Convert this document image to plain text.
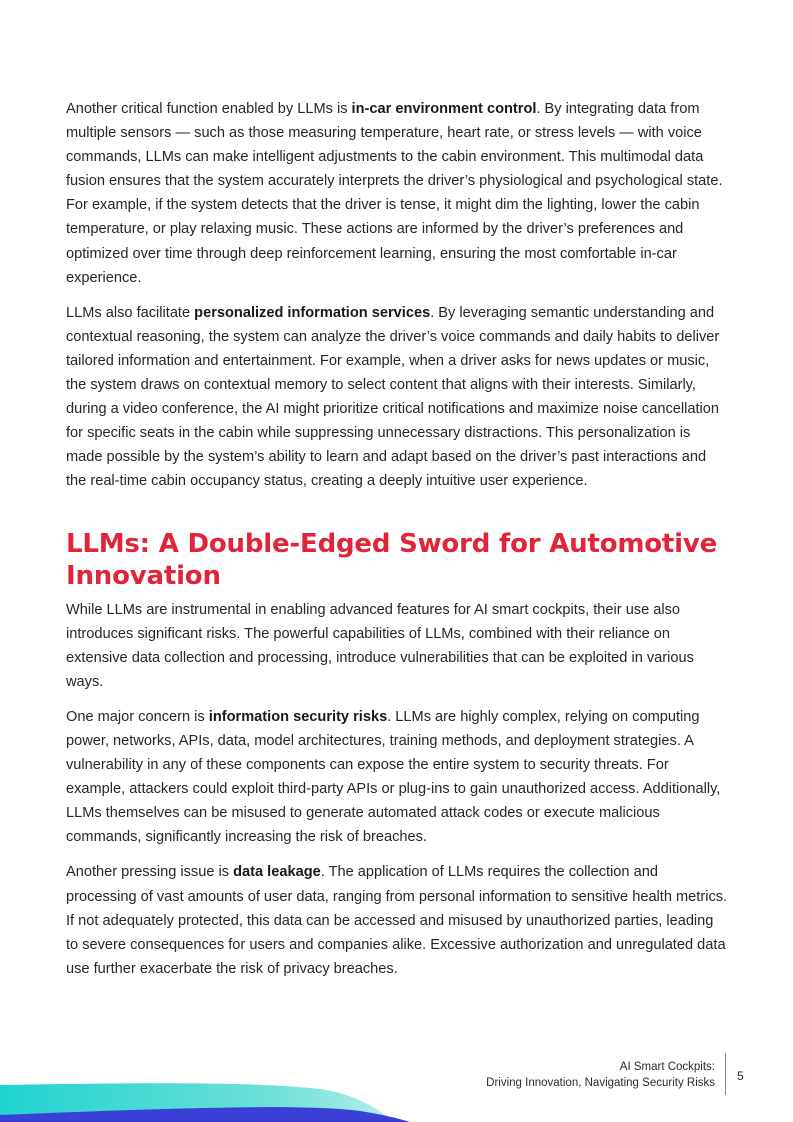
Another critical function enabled by LLMs is in-car environment control. By integrating data from multiple sensors — such as those measuring temperature, heart rate, or stress levels — with voice commands, LLMs can make intelligent adjustments to the cabin environment. This multimodal data fusion ensures that the system accurately interprets the driver’s physiological and psychological state. For example, if the system detects that the driver is tense, it might dim the lighting, lower the cabin temperature, or play relaxing music. These actions are informed by the driver’s preferences and optimized over time through deep reinforcement learning, ensuring the most comfortable in-car experience.

LLMs also facilitate personalized information services. By leveraging semantic understanding and contextual reasoning, the system can analyze the driver’s voice commands and daily habits to deliver tailored information and entertainment. For example, when a driver asks for news updates or music, the system draws on contextual memory to select content that aligns with their interests. Similarly, during a video conference, the AI might prioritize critical notifications and maximize noise cancellation for specific seats in the cabin while suppressing unnecessary distractions. This personalization is made possible by the system’s ability to learn and adapt based on the driver’s past interactions and the real-time cabin occupancy status, creating a deeply intuitive user experience.

LLMs: A Double-Edged Sword for Automotive Innovation

While LLMs are instrumental in enabling advanced features for AI smart cockpits, their use also introduces significant risks. The powerful capabilities of LLMs, combined with their reliance on extensive data collection and processing, introduce vulnerabilities that can be exploited in various ways.

One major concern is information security risks. LLMs are highly complex, relying on computing power, networks, APIs, data, model architectures, training methods, and deployment strategies. A vulnerability in any of these components can expose the entire system to security threats. For example, attackers could exploit third-party APIs or plug-ins to gain unauthorized access. Additionally, LLMs themselves can be misused to generate automated attack codes or execute malicious commands, significantly increasing the risk of breaches.

Another pressing issue is data leakage. The application of LLMs requires the collection and processing of vast amounts of user data, ranging from personal information to sensitive health metrics. If not adequately protected, this data can be accessed and misused by unauthorized parties, leading to severe consequences for users and companies alike. Excessive authorization and unregulated data use further exacerbate the risk of privacy breaches.

AI Smart Cockpits:
Driving Innovation, Navigating Security Risks 5
